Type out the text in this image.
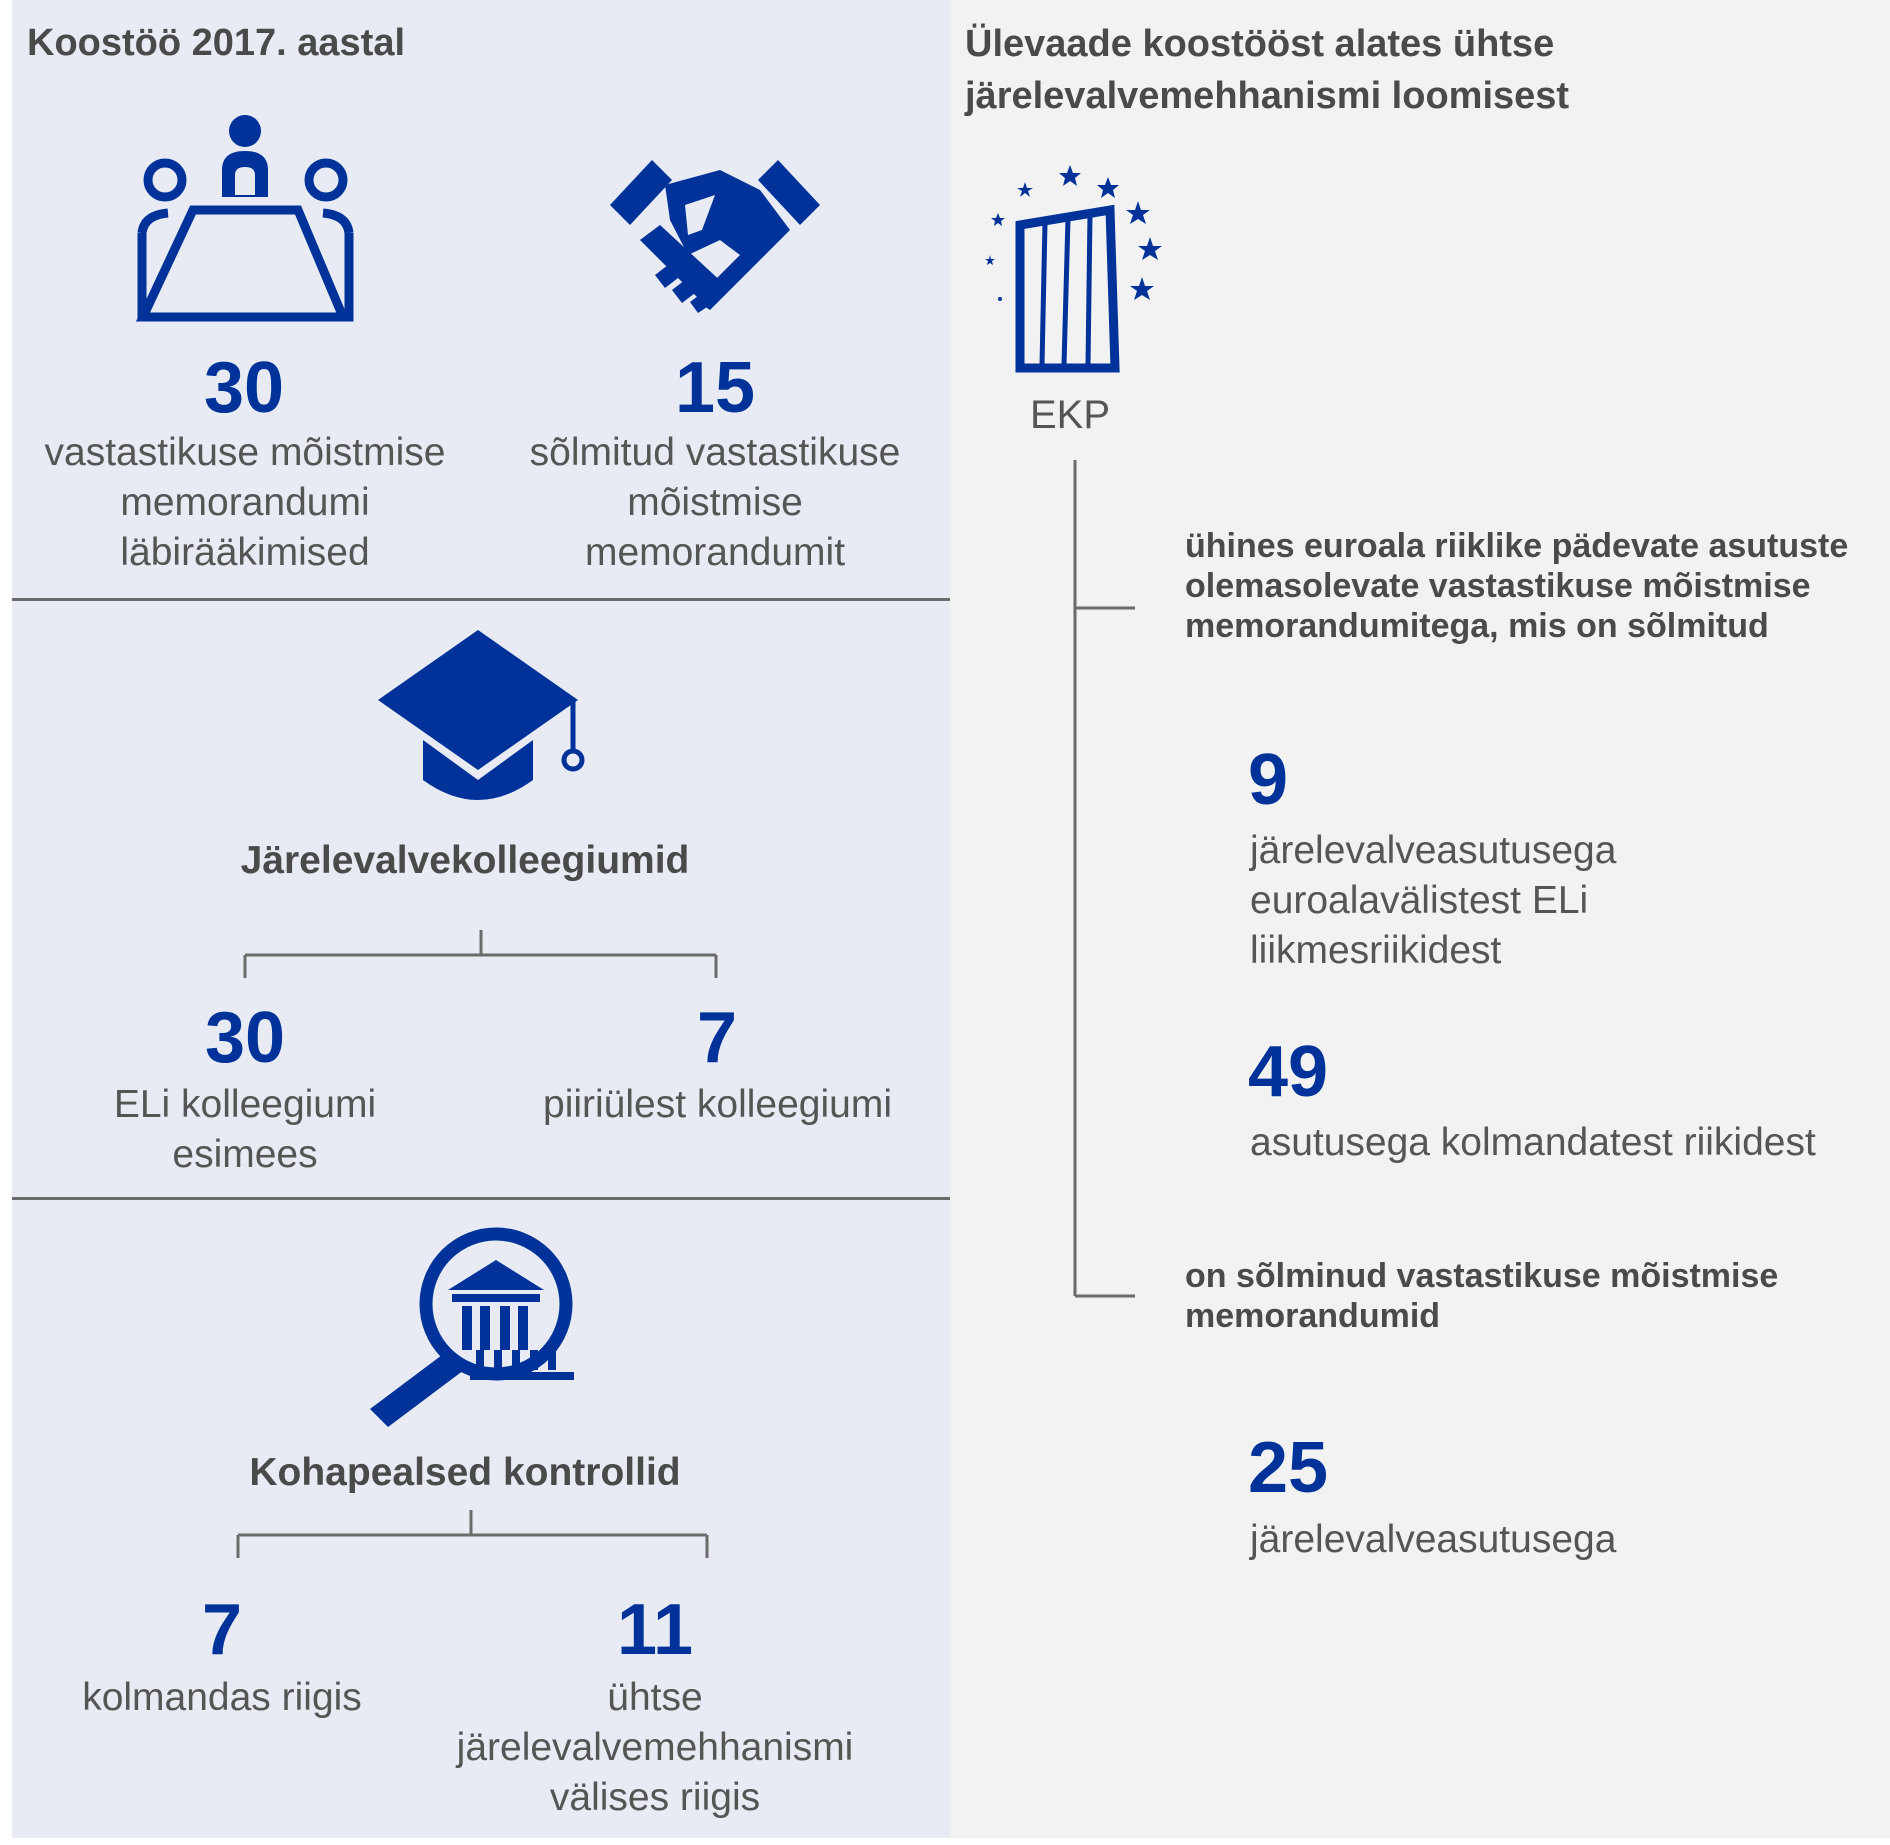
Koostöö 2017. aastal
30
vastastikuse mõistmise memorandumi läbirääkimised
15
sõlmitud vastastikuse mõistmise memorandumit
Järelevalvekolleegiumid
30
ELi kolleegiumi esimees
7
piiriülest kolleegiumi
Kohapealsed kontrollid
7
kolmandas riigis
11
ühtse järelevalvemehhanismi välises riigis
Ülevaade koostööst alates ühtse järelevalvemehhanismi loomisest
EKP
ühines euroala riiklike pädevate asutuste olemasolevate vastastikuse mõistmise memorandumitega, mis on sõlmitud
9
järelevalveasutusega euroalavälistest ELi liikmesriikidest
49
asutusega kolmandatest riikidest
on sõlminud vastastikuse mõistmise memorandumid
25
järelevalveasutusega
